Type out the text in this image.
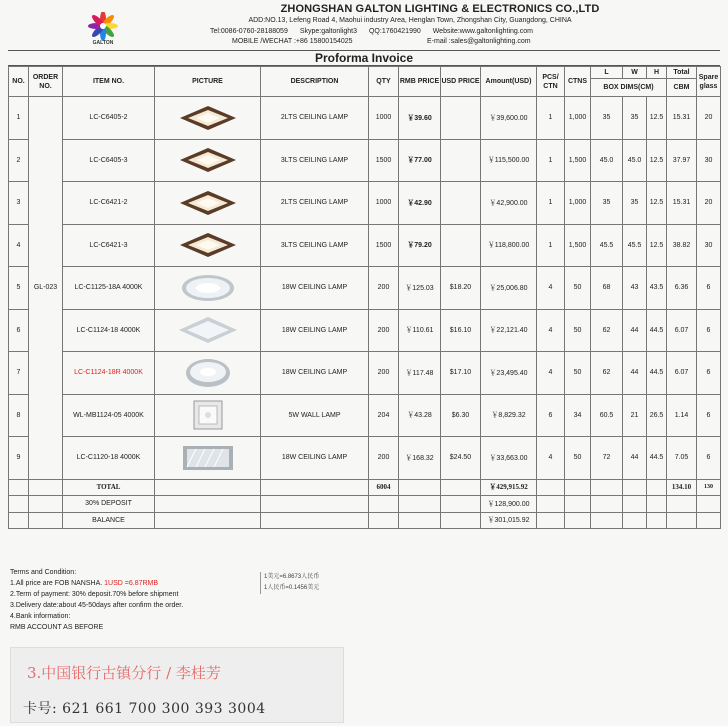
GALTON
ZHONGSHAN GALTON LIGHTING & ELECTRONICS CO.,LTD
ADD:NO.13, Lefeng Road 4, Maohui industry Area, Henglan Town, Zhongshan City, Guangdong, CHINA
Tel:0086-0760-28188059 Skype:galtonlight3 QQ:1760421990 Website:www.galtonlighting.com
MOBILE /WECHAT :+86 15800154025	E-mail :sales@galtonlighting.com
Proforma Invoice
NO.	ORDER NO.	ITEM NO.	PICTURE	DESCRIPTION	QTY	RMB PRICE	USD PRICE	Amount(USD)	PCS/ CTN	CTNS	L	W	H	Total	Spare glass
											BOX DIMS(CM)			CBM	
1	GL-023	LC-C6405-2		2LTS CEILING LAMP	1000	￥39.60		￥39,600.00	1	1,000	35	35	12.5	15.31	20
2		LC-C6405-3		3LTS CEILING LAMP	1500	￥77.00		￥115,500.00	1	1,500	45.0	45.0	12.5	37.97	30
3		LC-C6421-2		2LTS CEILING LAMP	1000	￥42.90		￥42,900.00	1	1,000	35	35	12.5	15.31	20
4		LC-C6421-3		3LTS CEILING LAMP	1500	￥79.20		￥118,800.00	1	1,500	45.5	45.5	12.5	38.82	30
5		LC-C1125-18A 4000K		18W CEILING LAMP	200	￥125.03	$18.20	￥25,006.80	4	50	68	43	43.5	6.36	6
6		LC-C1124-18 4000K		18W CEILING LAMP	200	￥110.61	$16.10	￥22,121.40	4	50	62	44	44.5	6.07	6
7		LC-C1124-18R 4000K		18W CEILING LAMP	200	￥117.48	$17.10	￥23,495.40	4	50	62	44	44.5	6.07	6
8		WL-MB1124-05 4000K		5W WALL LAMP	204	￥43.28	$6.30	￥8,829.32	6	34	60.5	21	26.5	1.14	6
9		LC-C1120-18 4000K		18W CEILING LAMP	200	￥168.32	$24.50	￥33,663.00	4	50	72	44	44.5	7.05	6
		TOTAL			6004			￥429,915.92						134.10	130
		30% DEPOSIT						￥128,900.00							
		BALANCE						￥301,015.92							
Terms and Condition:
1.All price are FOB NANSHA. 1USD =6.87RMB
2.Term of payment: 30% deposit.70% before shipment
3.Delivery date:about 45-50days after confirm the order.
4.Bank information:
RMB ACCOUNT AS BEFORE
1美元=6.8673人民币
1人民币=0.1456美元
3.中国银行古镇分行 / 李桂芳
卡号: 621 661 700 300 393 3004
